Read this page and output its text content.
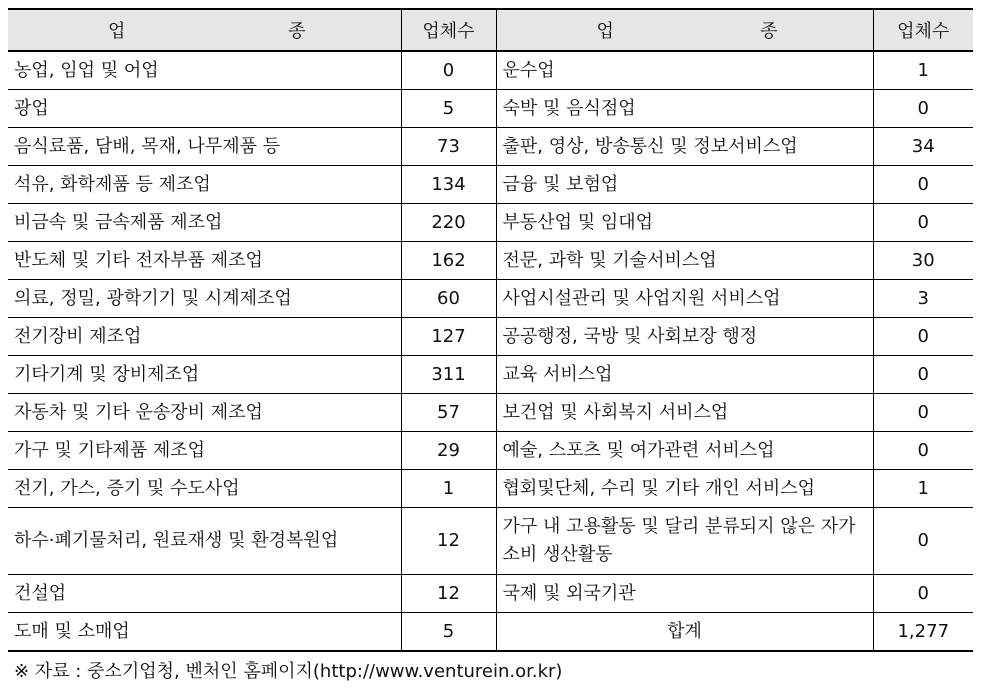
업 종	업체수	업 종	업체수
농업, 임업 및 어업	0	운수업	1
광업	5	숙박 및 음식점업	0
음식료품, 담배, 목재, 나무제품 등	73	출판, 영상, 방송통신 및 정보서비스업	34
석유, 화학제품 등 제조업	134	금융 및 보험업	0
비금속 및 금속제품 제조업	220	부동산업 및 임대업	0
반도체 및 기타 전자부품 제조업	162	전문, 과학 및 기술서비스업	30
의료, 정밀, 광학기기 및 시계제조업	60	사업시설관리 및 사업지원 서비스업	3
전기장비 제조업	127	공공행정, 국방 및 사회보장 행정	0
기타기계 및 장비제조업	311	교육 서비스업	0
자동차 및 기타 운송장비 제조업	57	보건업 및 사회복지 서비스업	0
가구 및 기타제품 제조업	29	예술, 스포츠 및 여가관련 서비스업	0
전기, 가스, 증기 및 수도사업	1	협회및단체, 수리 및 기타 개인 서비스업	1
하수·폐기물처리, 원료재생 및 환경복원업	12	가구 내 고용활동 및 달리 분류되지 않은 자가소비 생산활동	0
건설업	12	국제 및 외국기관	0
도매 및 소매업	5	합계	1,277
※ 자료 : 중소기업청, 벤처인 홈페이지(http://www.venturein.or.kr)
